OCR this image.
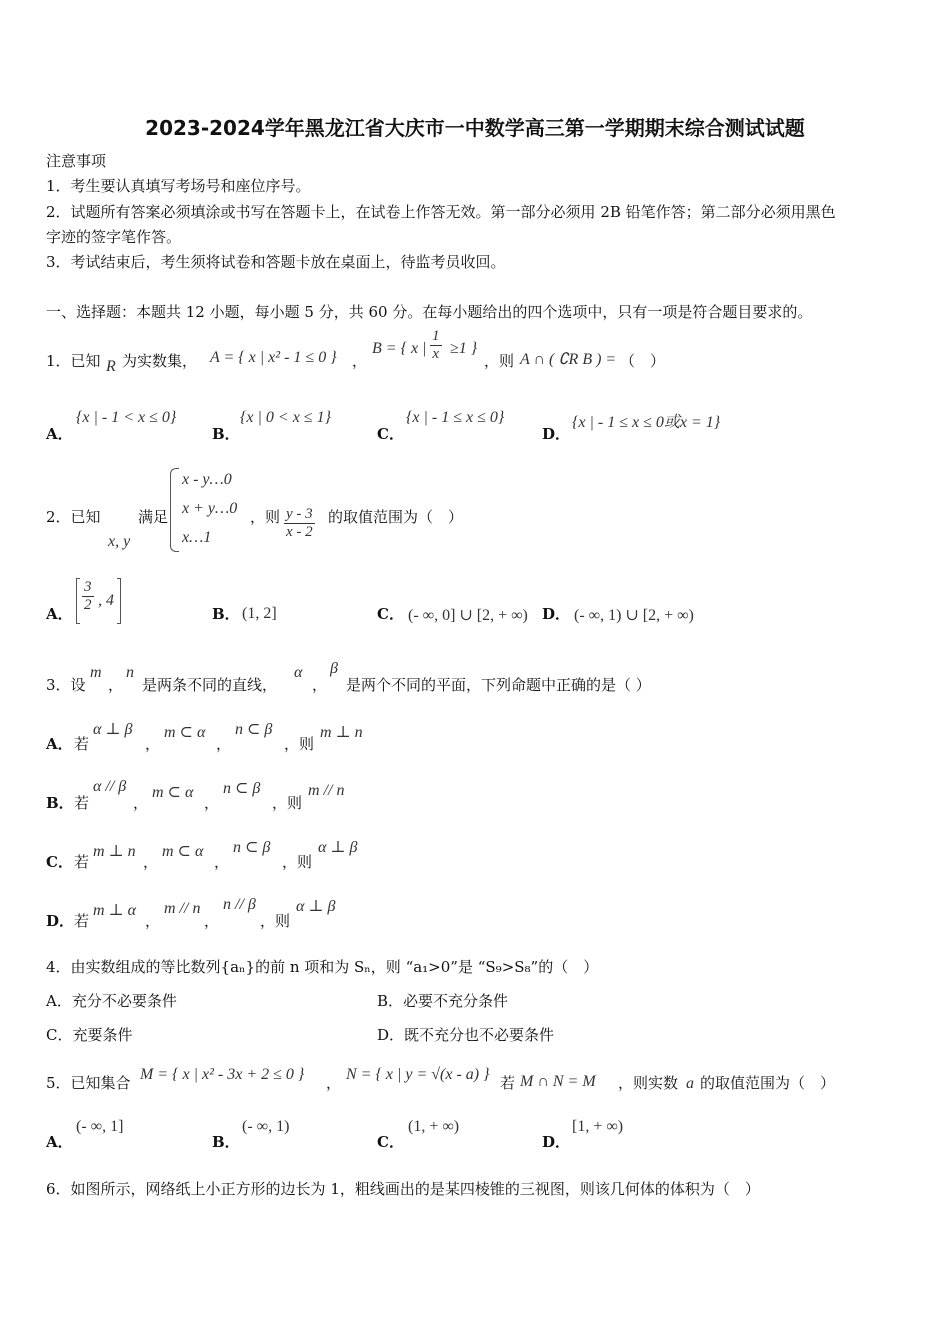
2023-2024学年黑龙江省大庆市一中数学高三第一学期期末综合测试试题
注意事项
1．考生要认真填写考场号和座位序号。
2．试题所有答案必须填涂或书写在答题卡上，在试卷上作答无效。第一部分必须用 2B 铅笔作答；第二部分必须用黑色
字迹的签字笔作答。
3．考试结束后，考生须将试卷和答题卡放在桌面上，待监考员收回。
一、选择题：本题共 12 小题，每小题 5 分，共 60 分。在每小题给出的四个选项中，只有一项是符合题目要求的。
1．已知 R 为实数集， A = { x | x² - 1 ≤ 0 } ，
B = { x | $\frac{1}{x} \ge 1$ }
，则 A ∩ ( ∁R B ) = （　）
A．
{x | - 1 < x ≤ 0}
B．
{x | 0 < x ≤ 1}
C．
{x | - 1 ≤ x ≤ 0}
D．
{x | - 1 ≤ x ≤ 0或x = 1}
2．已知
x, y
满足
x - y…0
x + y…0
x…1
，则 $\frac{y - 3}{x - 2}$ 的取值范围为（　）
A． $\frac{3}{2}$ , 4
B． (1, 2]	C． (- ∞, 0] ∪ [2, + ∞) D． (- ∞, 1) ∪ [2, + ∞)
3．设
m
，
n
是两条不同的直线，
α
，
β
是两个不同的平面，下列命题中正确的是（ ）
A． 若
α ⊥ β
，
m ⊂ α
，
n ⊂ β
，则
m ⊥ n
B． 若
α // β
，
m ⊂ α
，
n ⊂ β
，则
m // n
C． 若
m ⊥ n
，
m ⊂ α
，
n ⊂ β
，则
α ⊥ β
D． 若
m ⊥ α
，
m // n
，
n // β
，则
α ⊥ β
4．由实数组成的等比数列{aₙ}的前 n 项和为 Sₙ，则 “a₁>0”是 “S₉>S₈”的（　）
A．充分不必要条件	B．必要不充分条件
C．充要条件	D．既不充分也不必要条件
5．已知集合 M = { x | x² - 3x + 2 ≤ 0 } ， N = { x | y = √(x - a) } 若 M ∩ N = M ，则实数 a 的取值范围为（　）
A．
(- ∞, 1]
B．
(- ∞, 1)
C．
(1, + ∞)
D．
[1, + ∞)
6．如图所示，网络纸上小正方形的边长为 1，粗线画出的是某四棱锥的三视图，则该几何体的体积为（　）
